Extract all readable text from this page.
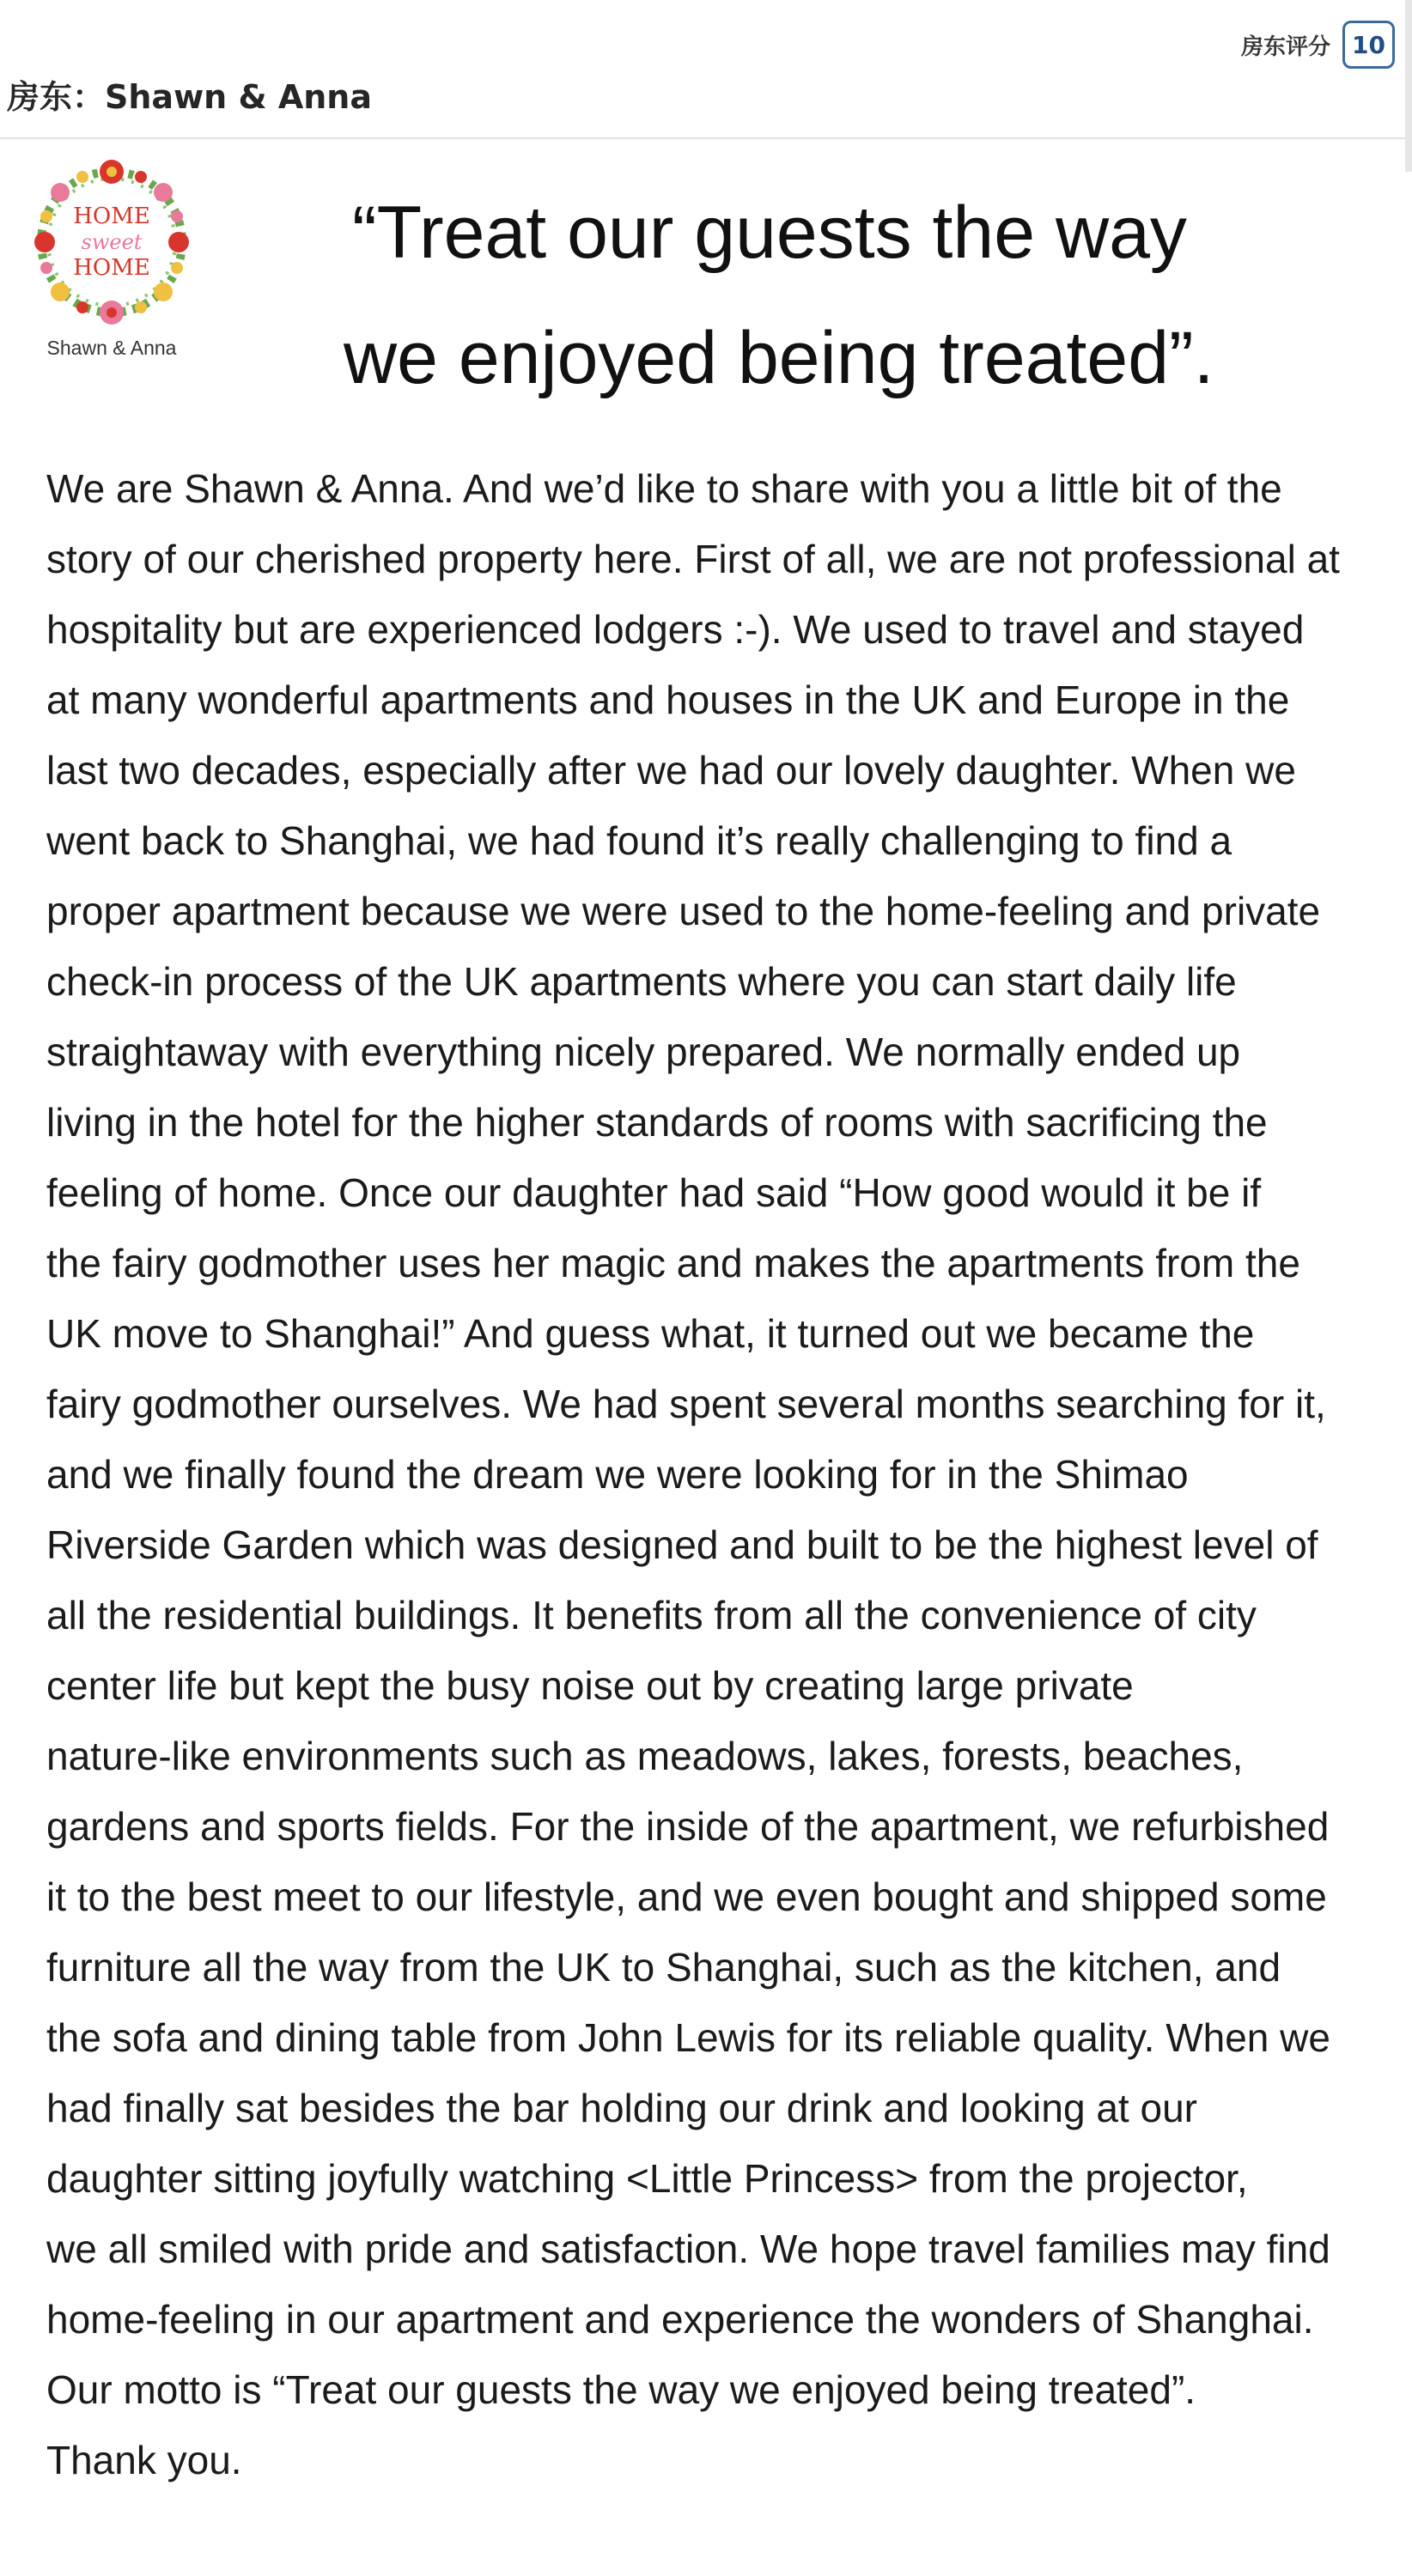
房东：Shawn & Anna
房东评分 10
HOME
sweet
HOME
Shawn & Anna
“Treat our guests the way
we enjoyed being treated”.

We are Shawn & Anna. And we’d like to share with you a little bit of the

story of our cherished property here. First of all, we are not professional at

hospitality but are experienced lodgers :-). We used to travel and stayed

at many wonderful apartments and houses in the UK and Europe in the

last two decades, especially after we had our lovely daughter. When we

went back to Shanghai, we had found it’s really challenging to find a

proper apartment because we were used to the home-feeling and private

check-in process of the UK apartments where you can start daily life

straightaway with everything nicely prepared. We normally ended up

living in the hotel for the higher standards of rooms with sacrificing the

feeling of home. Once our daughter had said “How good would it be if

the fairy godmother uses her magic and makes the apartments from the

UK move to Shanghai!” And guess what, it turned out we became the

fairy godmother ourselves. We had spent several months searching for it,

and we finally found the dream we were looking for in the Shimao

Riverside Garden which was designed and built to be the highest level of

all the residential buildings. It benefits from all the convenience of city

center life but kept the busy noise out by creating large private

nature-like environments such as meadows, lakes, forests, beaches,

gardens and sports fields. For the inside of the apartment, we refurbished

it to the best meet to our lifestyle, and we even bought and shipped some

furniture all the way from the UK to Shanghai, such as the kitchen, and

the sofa and dining table from John Lewis for its reliable quality. When we

had finally sat besides the bar holding our drink and looking at our

daughter sitting joyfully watching <Little Princess> from the projector,

we all smiled with pride and satisfaction. We hope travel families may find

home-feeling in our apartment and experience the wonders of Shanghai.

Our motto is “Treat our guests the way we enjoyed being treated”.

Thank you.
